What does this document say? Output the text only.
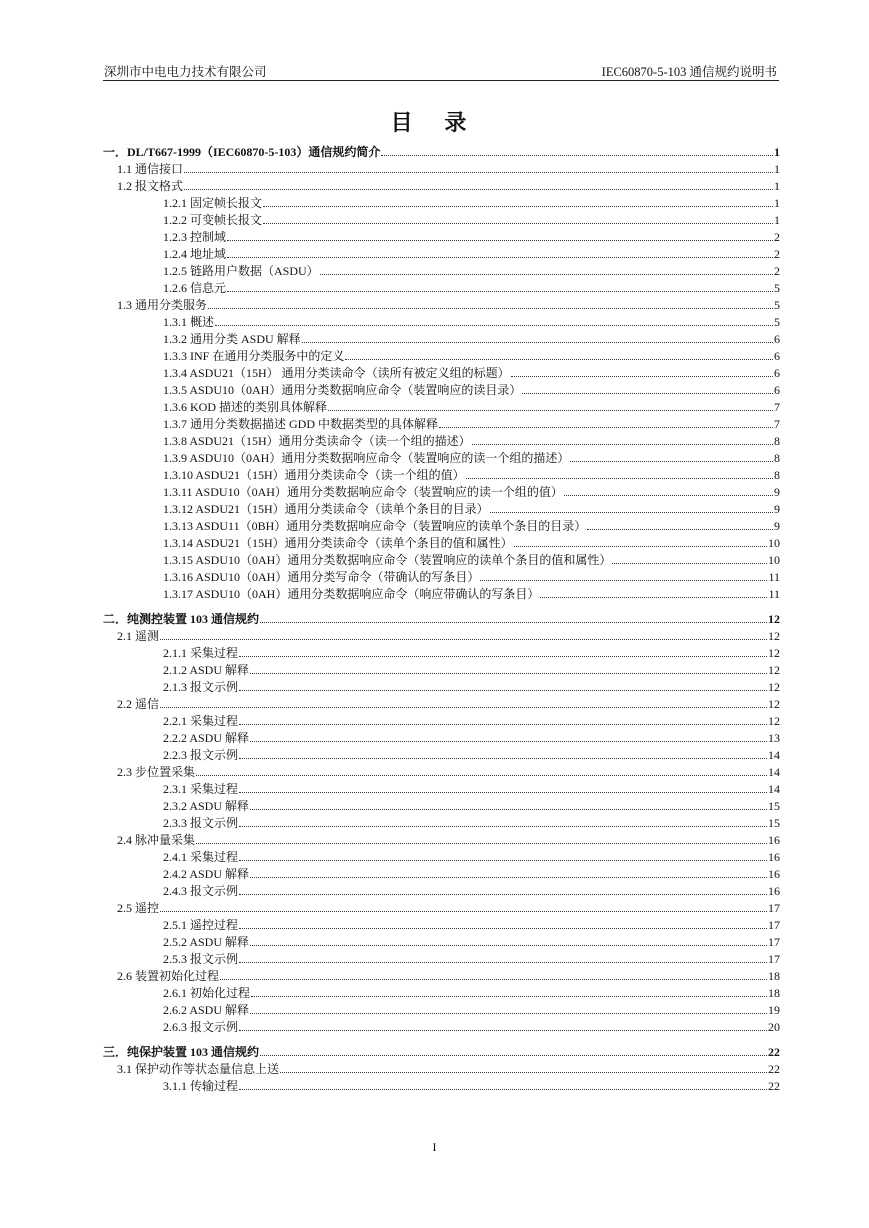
深圳市中电电力技术有限公司	IEC60870-5-103 通信规约说明书
目 录
一．DL/T667-1999（IEC60870-5-103）通信规约简介	1
1.1 通信接口	1
1.2 报文格式	1
1.2.1 固定帧长报文	1
1.2.2 可变帧长报文	1
1.2.3 控制域	2
1.2.4 地址域	2
1.2.5 链路用户数据（ASDU）	2
1.2.6 信息元	5
1.3 通用分类服务	5
1.3.1 概述	5
1.3.2 通用分类 ASDU 解释	6
1.3.3 INF 在通用分类服务中的定义	6
1.3.4 ASDU21（15H） 通用分类读命令（读所有被定义组的标题）	6
1.3.5 ASDU10（0AH）通用分类数据响应命令（装置响应的读目录）	6
1.3.6 KOD 描述的类别具体解释	7
1.3.7 通用分类数据描述 GDD 中数据类型的具体解释	7
1.3.8 ASDU21（15H）通用分类读命令（读一个组的描述）	8
1.3.9 ASDU10（0AH）通用分类数据响应命令（装置响应的读一个组的描述）	8
1.3.10 ASDU21（15H）通用分类读命令（读一个组的值）	8
1.3.11 ASDU10（0AH）通用分类数据响应命令（装置响应的读一个组的值）	9
1.3.12 ASDU21（15H）通用分类读命令（读单个条目的目录）	9
1.3.13 ASDU11（0BH）通用分类数据响应命令（装置响应的读单个条目的目录）	9
1.3.14 ASDU21（15H）通用分类读命令（读单个条目的值和属性）	10
1.3.15 ASDU10（0AH）通用分类数据响应命令（装置响应的读单个条目的值和属性）	10
1.3.16 ASDU10（0AH）通用分类写命令（带确认的写条目）	11
1.3.17 ASDU10（0AH）通用分类数据响应命令（响应带确认的写条目）	11
二．纯测控装置 103 通信规约	12
2.1 遥测	12
2.1.1 采集过程	12
2.1.2 ASDU 解释	12
2.1.3 报文示例	12
2.2 遥信	12
2.2.1 采集过程	12
2.2.2 ASDU 解释	13
2.2.3 报文示例	14
2.3 步位置采集	14
2.3.1 采集过程	14
2.3.2 ASDU 解释	15
2.3.3 报文示例	15
2.4 脉冲量采集	16
2.4.1 采集过程	16
2.4.2 ASDU 解释	16
2.4.3 报文示例	16
2.5 遥控	17
2.5.1 遥控过程	17
2.5.2 ASDU 解释	17
2.5.3 报文示例	17
2.6 装置初始化过程	18
2.6.1 初始化过程	18
2.6.2 ASDU 解释	19
2.6.3 报文示例	20
三．纯保护装置 103 通信规约	22
3.1 保护动作等状态量信息上送	22
3.1.1 传输过程	22
I
